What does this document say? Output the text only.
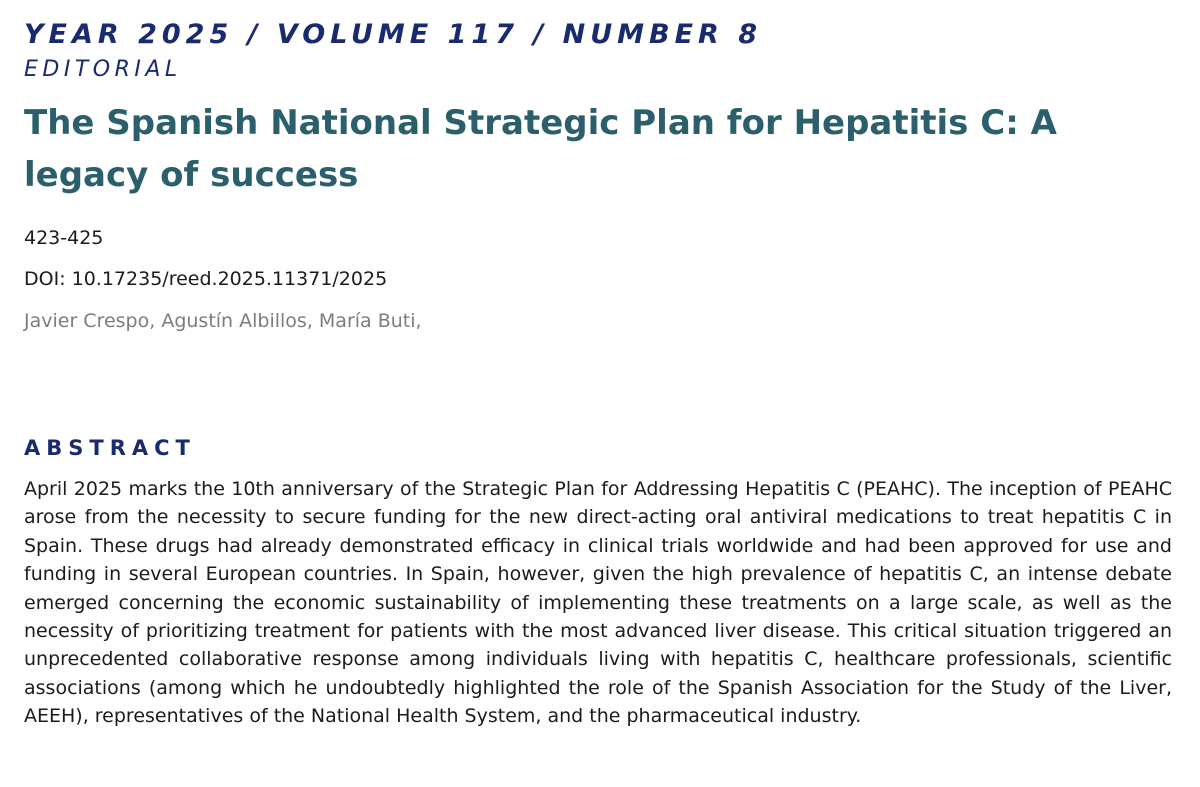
YEAR 2025 / VOLUME 117 / NUMBER 8
EDITORIAL
The Spanish National Strategic Plan for Hepatitis C: A legacy of success
423-425
DOI: 10.17235/reed.2025.11371/2025
Javier Crespo, Agustín Albillos, María Buti,
ABSTRACT

April 2025 marks the 10th anniversary of the Strategic Plan for Addressing Hepatitis C (PEAHC). The inception of PEAHC arose from the necessity to secure funding for the new direct-acting oral antiviral medications to treat hepatitis C in Spain. These drugs had already demonstrated efficacy in clinical trials worldwide and had been approved for use and funding in several European countries. In Spain, however, given the high prevalence of hepatitis C, an intense debate emerged concerning the economic sustainability of implementing these treatments on a large scale, as well as the necessity of prioritizing treatment for patients with the most advanced liver disease. This critical situation triggered an unprecedented collaborative response among individuals living with hepatitis C, healthcare professionals, scientific associations (among which he undoubtedly highlighted the role of the Spanish Association for the Study of the Liver, AEEH), representatives of the National Health System, and the pharmaceutical industry.
